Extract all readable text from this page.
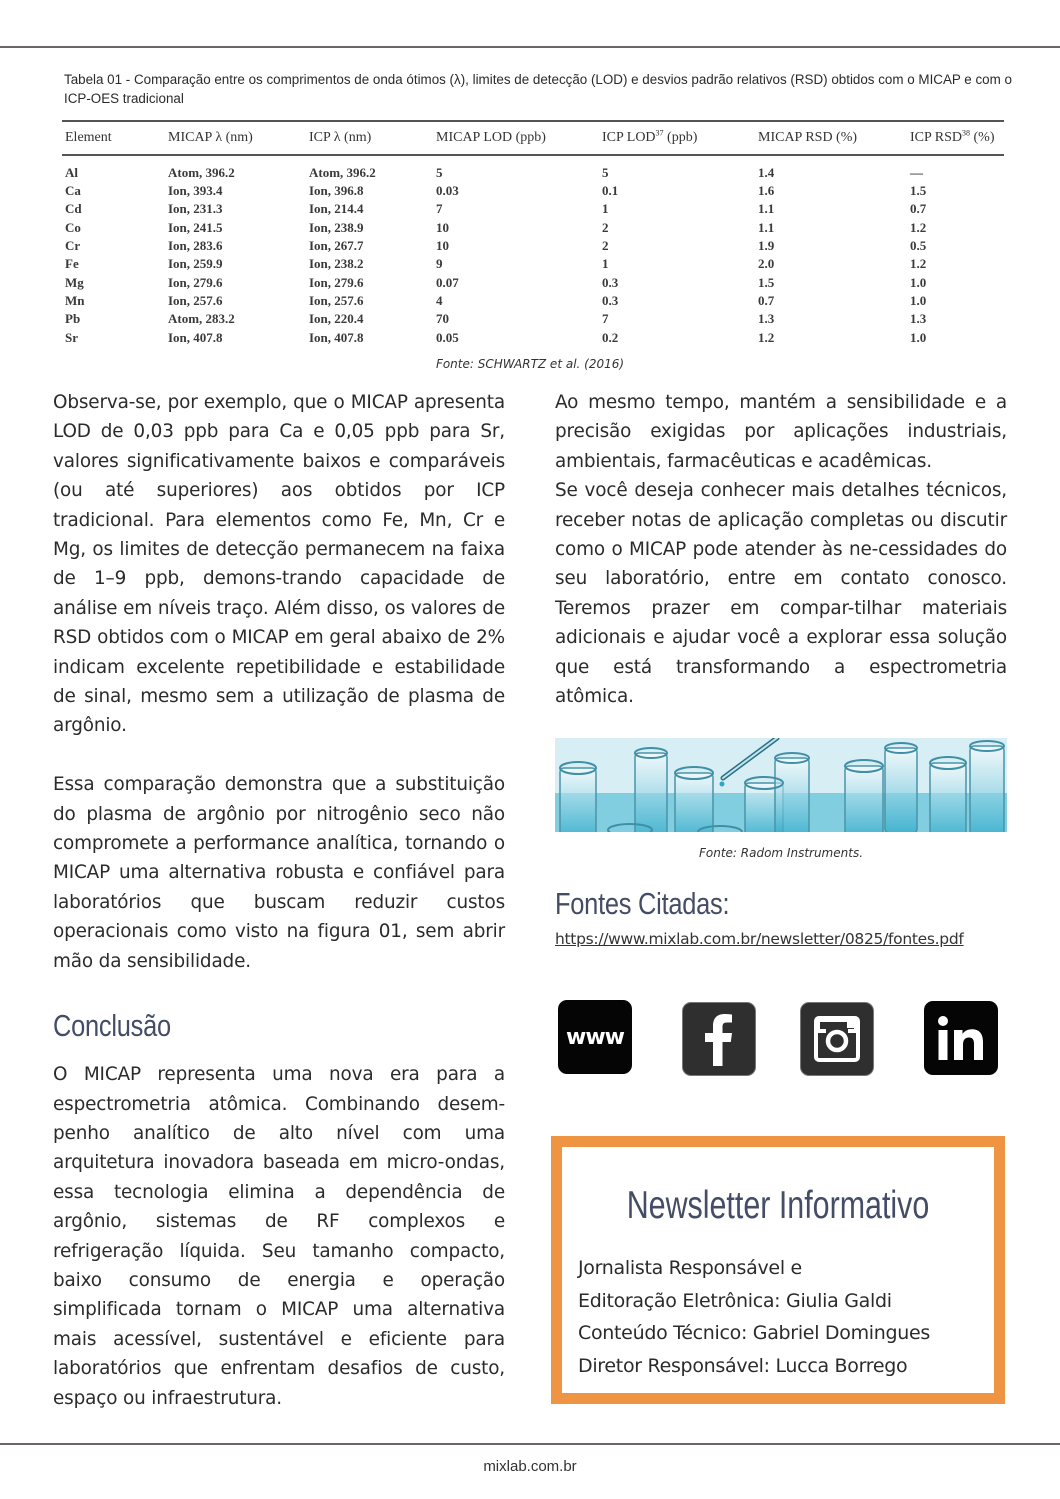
Tabela 01 - Comparação entre os comprimentos de onda ótimos (λ), limites de detecção (LOD) e desvios padrão relativos (RSD) obtidos com o MICAP e com o ICP-OES tradicional
Element	MICAP λ (nm)	ICP λ (nm)	MICAP LOD (ppb)	ICP LOD$^{37}$ (ppb)	MICAP RSD (%)	ICP RSD$^{38}$ (%)
Al	Atom, 396.2	Atom, 396.2	5	5	1.4	—
Ca	Ion, 393.4	Ion, 396.8	0.03	0.1	1.6	1.5
Cd	Ion, 231.3	Ion, 214.4	7	1	1.1	0.7
Co	Ion, 241.5	Ion, 238.9	10	2	1.1	1.2
Cr	Ion, 283.6	Ion, 267.7	10	2	1.9	0.5
Fe	Ion, 259.9	Ion, 238.2	9	1	2.0	1.2
Mg	Ion, 279.6	Ion, 279.6	0.07	0.3	1.5	1.0
Mn	Ion, 257.6	Ion, 257.6	4	0.3	0.7	1.0
Pb	Atom, 283.2	Ion, 220.4	70	7	1.3	1.3
Sr	Ion, 407.8	Ion, 407.8	0.05	0.2	1.2	1.0
Fonte: SCHWARTZ et al. (2016)

Observa-se, por exemplo, que o MICAP apresenta LOD de 0,03 ppb para Ca e 0,05 ppb para Sr, valores significativamente baixos e comparáveis (ou até superiores) aos obtidos por ICP tradicional. Para elementos como Fe, Mn, Cr e Mg, os limites de detecção permanecem na faixa de 1–9 ppb, demons-trando capacidade de análise em níveis traço. Além disso, os valores de RSD obtidos com o MICAP em geral abaixo de 2% indicam excelente repetibilidade e estabilidade de sinal, mesmo sem a utilização de plasma de argônio.

Essa comparação demonstra que a substituição do plasma de argônio por nitrogênio seco não compromete a performance analítica, tornando o MICAP uma alternativa robusta e confiável para laboratórios que buscam reduzir custos operacionais como visto na figura 01, sem abrir mão da sensibilidade.

Conclusão

O MICAP representa uma nova era para a espectrometria atômica. Combinando desem-penho analítico de alto nível com uma arquitetura inovadora baseada em micro-ondas, essa tecnologia elimina a dependência de argônio, sistemas de RF complexos e refrigeração líquida. Seu tamanho compacto, baixo consumo de energia e operação simplificada tornam o MICAP uma alternativa mais acessível, sustentável e eficiente para laboratórios que enfrentam desafios de custo, espaço ou infraestrutura.

Ao mesmo tempo, mantém a sensibilidade e a precisão exigidas por aplicações industriais, ambientais, farmacêuticas e acadêmicas.

Se você deseja conhecer mais detalhes técnicos, receber notas de aplicação completas ou discutir como o MICAP pode atender às ne-cessidades do seu laboratório, entre em contato conosco. Teremos prazer em compar-tilhar materiais adicionais e ajudar você a explorar essa solução que está transformando a espectrometria atômica.

Fonte: Radom Instruments.
Fontes Citadas:
https://www.mixlab.com.br/newsletter/0825/fontes.pdf
www
Newsletter Informativo
Jornalista Responsável e
Editoração Eletrônica: Giulia Galdi
Conteúdo Técnico: Gabriel Domingues
Diretor Responsável: Lucca Borrego
mixlab.com.br
